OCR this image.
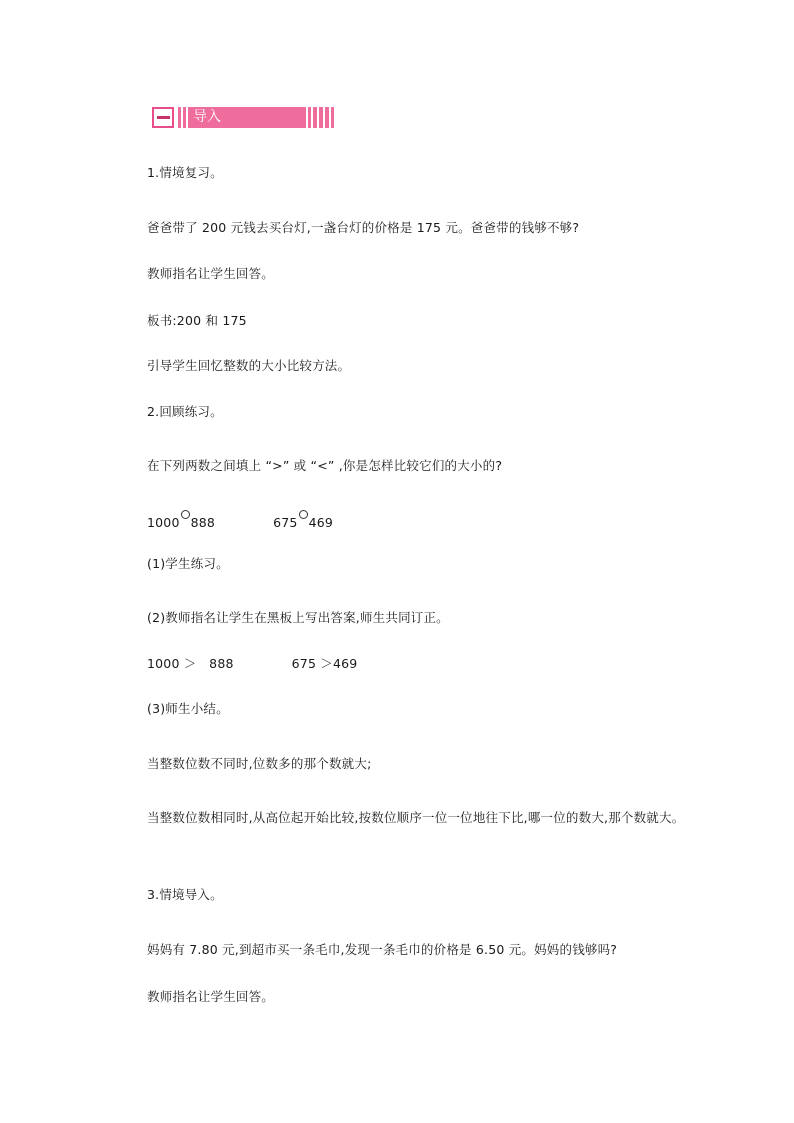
导入
1.情境复习。
爸爸带了 200 元钱去买台灯,一盏台灯的价格是 175 元。爸爸带的钱够不够?
教师指名让学生回答。
板书:200 和 175
引导学生回忆整数的大小比较方法。
2.回顾练习。
在下列两数之间填上 “>” 或 “<” ,你是怎样比较它们的大小的?
1000 888	675 469
(1)学生练习。
(2)教师指名让学生在黑板上写出答案,师生共同订正。
1000 ＞　888	675 ＞469
(3)师生小结。
当整数位数不同时,位数多的那个数就大;
当整数位数相同时,从高位起开始比较,按数位顺序一位一位地往下比,哪一位的数大,那个数就大。
3.情境导入。
妈妈有 7.80 元,到超市买一条毛巾,发现一条毛巾的价格是 6.50 元。妈妈的钱够吗?
教师指名让学生回答。
